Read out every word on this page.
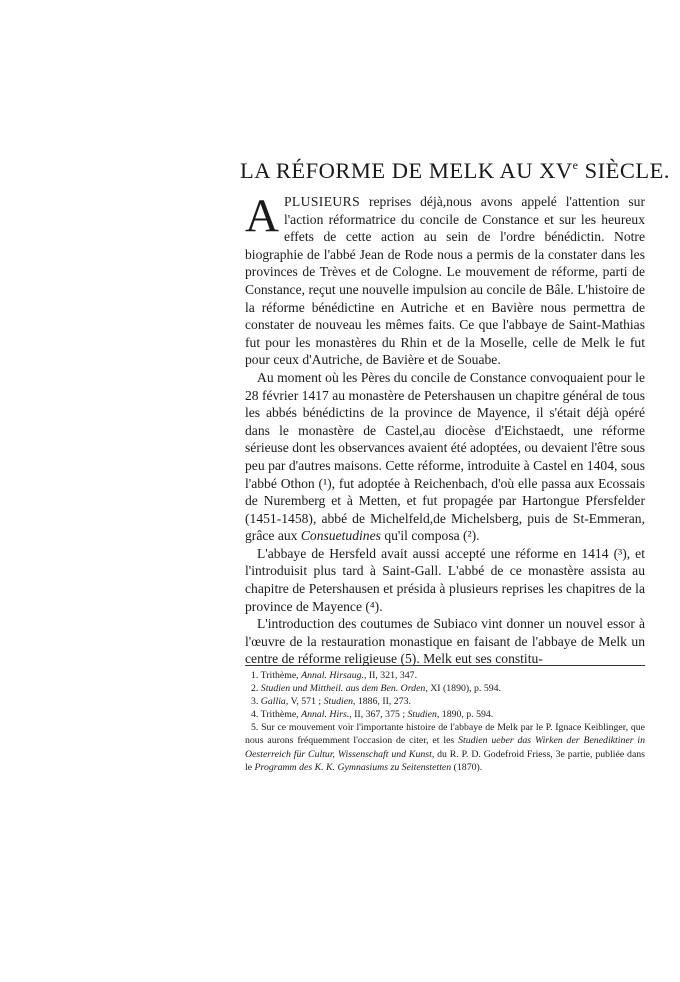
LA RÉFORME DE MELK AU XVe SIÈCLE.

APLUSIEURS reprises déjà,nous avons appelé l'attention sur l'action réformatrice du concile de Constance et sur les heureux effets de cette action au sein de l'ordre bénédictin. Notre biographie de l'abbé Jean de Rode nous a permis de la constater dans les provinces de Trèves et de Cologne. Le mouvement de réforme, parti de Constance, reçut une nouvelle impulsion au concile de Bâle. L'histoire de la réforme bénédictine en Autriche et en Bavière nous permettra de constater de nouveau les mêmes faits. Ce que l'abbaye de Saint-Mathias fut pour les monastères du Rhin et de la Moselle, celle de Melk le fut pour ceux d'Autriche, de Bavière et de Souabe.

Au moment où les Pères du concile de Constance convoquaient pour le 28 février 1417 au monastère de Petershausen un chapitre général de tous les abbés bénédictins de la province de Mayence, il s'était déjà opéré dans le monastère de Castel,au diocèse d'Eichstaedt, une réforme sérieuse dont les observances avaient été adoptées, ou devaient l'être sous peu par d'autres maisons. Cette réforme, introduite à Castel en 1404, sous l'abbé Othon (¹), fut adoptée à Reichenbach, d'où elle passa aux Ecossais de Nuremberg et à Metten, et fut propagée par Hartongue Pfersfelder (1451-1458), abbé de Michelfeld,de Michelsberg, puis de St-Emmeran, grâce aux Consuetudines qu'il composa (²).

L'abbaye de Hersfeld avait aussi accepté une réforme en 1414 (³), et l'introduisit plus tard à Saint-Gall. L'abbé de ce monastère assista au chapitre de Petershausen et présida à plusieurs reprises les chapitres de la province de Mayence (⁴).

L'introduction des coutumes de Subiaco vint donner un nouvel essor à l'œuvre de la restauration monastique en faisant de l'abbaye de Melk un centre de réforme religieuse (5). Melk eut ses constitu-

1. Trithème, Annal. Hirsaug., II, 321, 347.
2. Studien und Mittheil. aus dem Ben. Orden, XI (1890), p. 594.
3. Gallia, V, 571 ; Studien, 1886, II, 273.
4. Trithème, Annal. Hirs., II, 367, 375 ; Studien, 1890, p. 594.
5. Sur ce mouvement voir l'importante histoire de l'abbaye de Melk par le P. Ignace Keiblinger, que nous aurons fréquemment l'occasion de citer, et les Studien ueber das Wirken der Benediktiner in Oesterreich für Cultur, Wissenschaft und Kunst, du R. P. D. Godefroid Friess, 3e partie, publiée dans le Programm des K. K. Gymnasiums zu Seitenstetten (1870).
